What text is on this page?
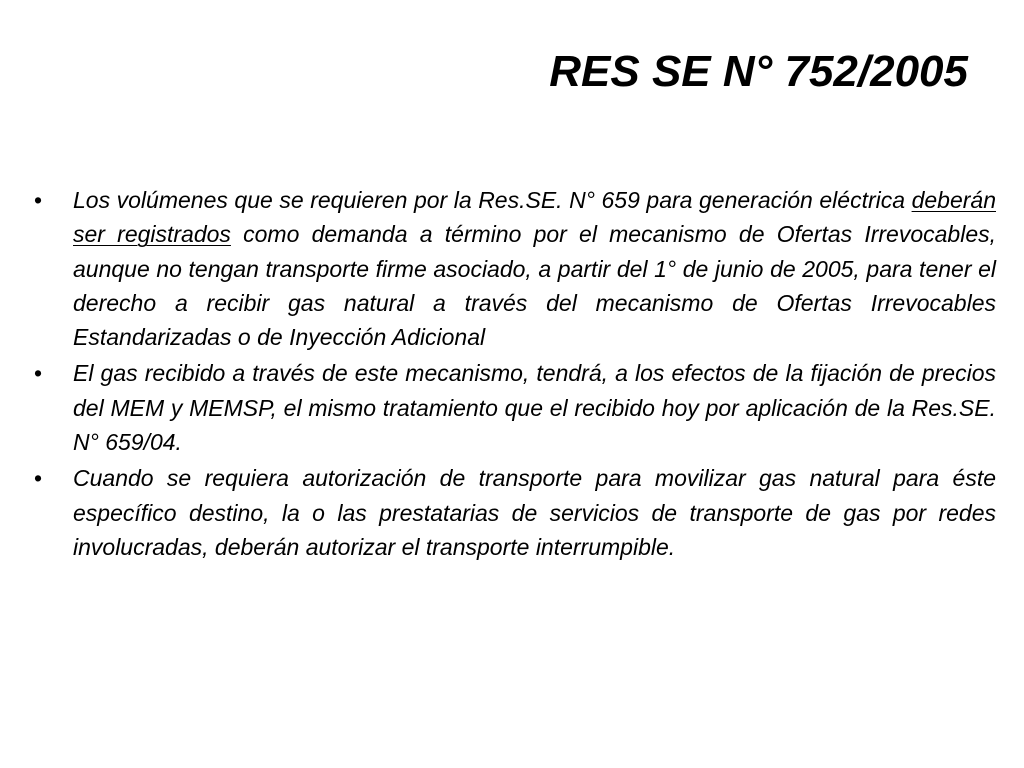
RES SE N° 752/2005
• Los volúmenes que se requieren por la Res.SE. N° 659 para generación eléctrica deberán ser registrados como demanda a término por el mecanismo de Ofertas Irrevocables, aunque no tengan transporte firme asociado, a partir del 1° de junio de 2005, para tener el derecho a recibir gas natural a través del mecanismo de Ofertas Irrevocables Estandarizadas o de Inyección Adicional
• El gas recibido a través de este mecanismo, tendrá, a los efectos de la fijación de precios del MEM y MEMSP, el mismo tratamiento que el recibido hoy por aplicación de la Res.SE. N° 659/04.
• Cuando se requiera autorización de transporte para movilizar gas natural para éste específico destino, la o las prestatarias de servicios de transporte de gas por redes involucradas, deberán autorizar el transporte interrumpible.
